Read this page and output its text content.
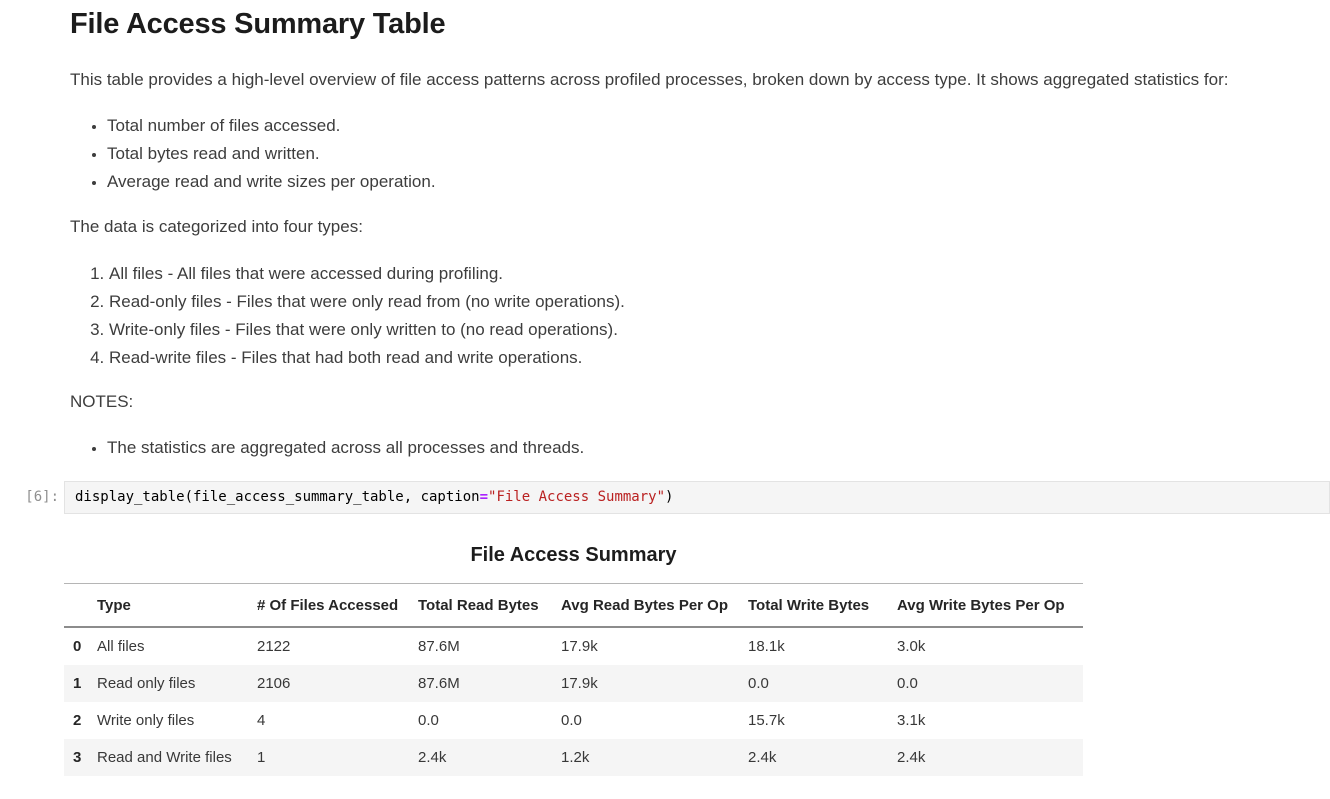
File Access Summary Table

This table provides a high-level overview of file access patterns across profiled processes, broken down by access type. It shows aggregated statistics for:

• Total number of files accessed.
• Total bytes read and written.
• Average read and write sizes per operation.

The data is categorized into four types:

1. All files - All files that were accessed during profiling.
2. Read-only files - Files that were only read from (no write operations).
3. Write-only files - Files that were only written to (no read operations).
4. Read-write files - Files that had both read and write operations.

NOTES:

• The statistics are aggregated across all processes and threads.
[6]:	display_table(file_access_summary_table, caption="File Access Summary")
File Access Summary
	Type	# Of Files Accessed	Total Read Bytes	Avg Read Bytes Per Op	Total Write Bytes	Avg Write Bytes Per Op
0	All files	2122	87.6M	17.9k	18.1k	3.0k
1	Read only files	2106	87.6M	17.9k	0.0	0.0
2	Write only files	4	0.0	0.0	15.7k	3.1k
3	Read and Write files	1	2.4k	1.2k	2.4k	2.4k
